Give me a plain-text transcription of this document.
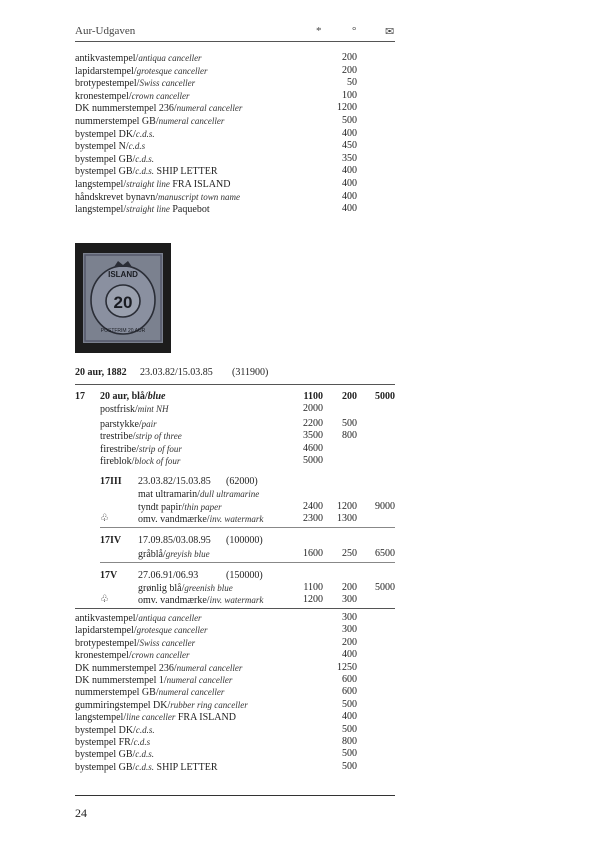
Aur-Udgaven	*	°	✉
antikvastempel/antiqua canceller	200
lapidarstempel/grotesque canceller	200
brotypestempel/Swiss canceller	50
kronestempel/crown canceller	100
DK nummerstempel 236/numeral canceller	1200
nummerstempel GB/numeral canceller	500
bystempel DK/c.d.s.	400
bystempel N/c.d.s	450
bystempel GB/c.d.s.	350
bystempel GB/c.d.s. SHIP LETTER	400
langstempel/straight line FRA ISLAND	400
håndskrevet bynavn/manuscript town name	400
langstempel/straight line Paquebot	400
ISLAND
20
POSTFRIM 20 AUR
20 aur, 1882 23.03.82/15.03.85 (311900)
17 20 aur, blå/blue	1100 200 5000
postfrisk/mint NH	2000
parstykke/pair	2200 500
trestribe/strip of three	3500 800
firestribe/strip of four	4600
fireblok/block of four	5000
17III 23.03.82/15.03.85 (62000)
mat ultramarin/dull ultramarine
tyndt papir/thin paper	2400 1200 9000
♧	omv. vandmærke/inv. watermark	2300 1300
17IV 17.09.85/03.08.95 (100000)
gråblå/greyish blue	1600 250 6500
17V 27.06.91/06.93	(150000)
grønlig blå/greenish blue	1100 200 5000
♧	omv. vandmærke/inv. watermark	1200 300
antikvastempel/antiqua canceller	300
lapidarstempel/grotesque canceller	300
brotypestempel/Swiss canceller	200
kronestempel/crown canceller	400
DK nummerstempel 236/numeral canceller	1250
DK nummerstempel 1/numeral canceller	600
nummerstempel GB/numeral canceller	600
gummiringstempel DK/rubber ring canceller	500
langstempel/line canceller FRA ISLAND	400
bystempel DK/c.d.s.	500
bystempel FR/c.d.s	800
bystempel GB/c.d.s.	500
bystempel GB/c.d.s. SHIP LETTER	500
24
